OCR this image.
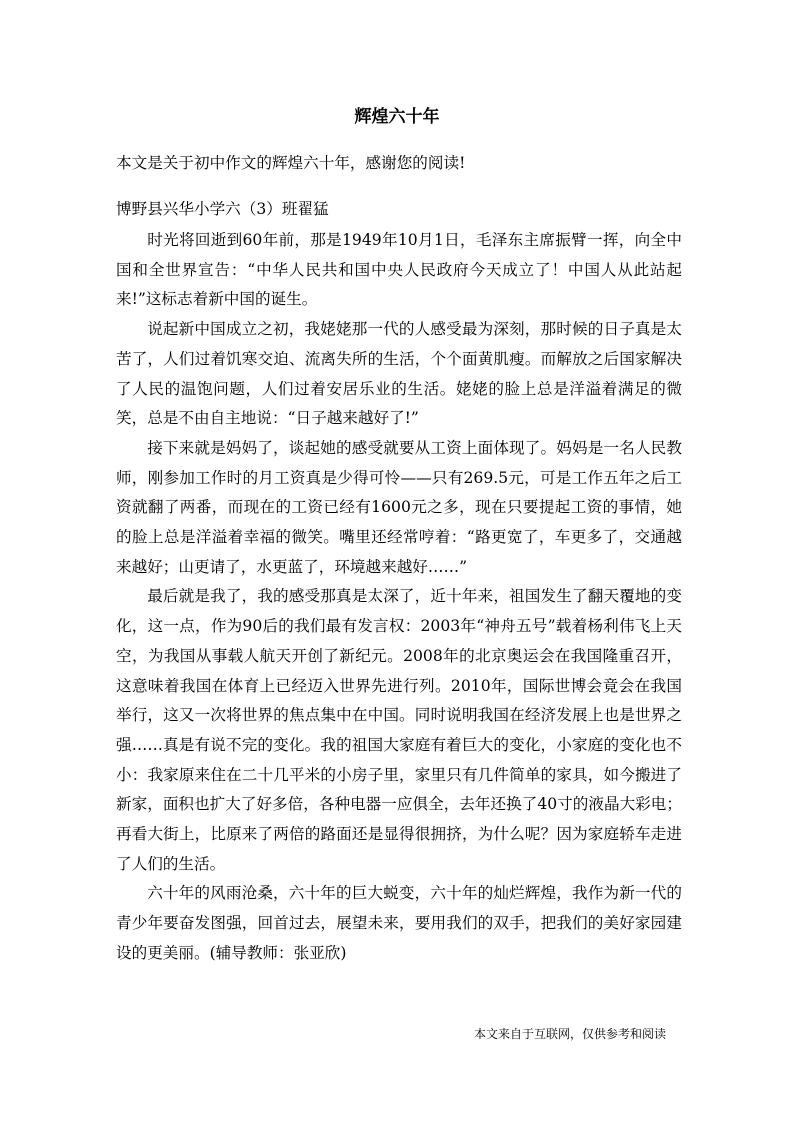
辉煌六十年
本文是关于初中作文的辉煌六十年，感谢您的阅读!
博野县兴华小学六（3）班翟猛

时光将回逝到60年前，那是1949年10月1日，毛泽东主席振臂一挥，向全中国和全世界宣告：“中华人民共和国中央人民政府今天成立了！中国人从此站起来!”这标志着新中国的诞生。

说起新中国成立之初，我姥姥那一代的人感受最为深刻，那时候的日子真是太苦了，人们过着饥寒交迫、流离失所的生活，个个面黄肌瘦。而解放之后国家解决了人民的温饱问题，人们过着安居乐业的生活。姥姥的脸上总是洋溢着满足的微笑，总是不由自主地说：“日子越来越好了!”

接下来就是妈妈了，谈起她的感受就要从工资上面体现了。妈妈是一名人民教师，刚参加工作时的月工资真是少得可怜——只有269.5元，可是工作五年之后工资就翻了两番，而现在的工资已经有1600元之多，现在只要提起工资的事情，她的脸上总是洋溢着幸福的微笑。嘴里还经常哼着：“路更宽了，车更多了，交通越来越好；山更请了，水更蓝了，环境越来越好……”

最后就是我了，我的感受那真是太深了，近十年来，祖国发生了翻天覆地的变化，这一点，作为90后的我们最有发言权：2003年“神舟五号”载着杨利伟飞上天空，为我国从事载人航天开创了新纪元。2008年的北京奥运会在我国隆重召开，这意味着我国在体育上已经迈入世界先进行列。2010年，国际世博会竟会在我国举行，这又一次将世界的焦点集中在中国。同时说明我国在经济发展上也是世界之强……真是有说不完的变化。我的祖国大家庭有着巨大的变化，小家庭的变化也不小：我家原来住在二十几平米的小房子里，家里只有几件简单的家具，如今搬进了新家，面积也扩大了好多倍，各种电器一应俱全，去年还换了40寸的液晶大彩电；再看大街上，比原来了两倍的路面还是显得很拥挤，为什么呢？因为家庭轿车走进了人们的生活。

六十年的风雨沧桑，六十年的巨大蜕变，六十年的灿烂辉煌，我作为新一代的青少年要奋发图强，回首过去，展望未来，要用我们的双手，把我们的美好家园建设的更美丽。(辅导教师：张亚欣)

本文来自于互联网，仅供参考和阅读
